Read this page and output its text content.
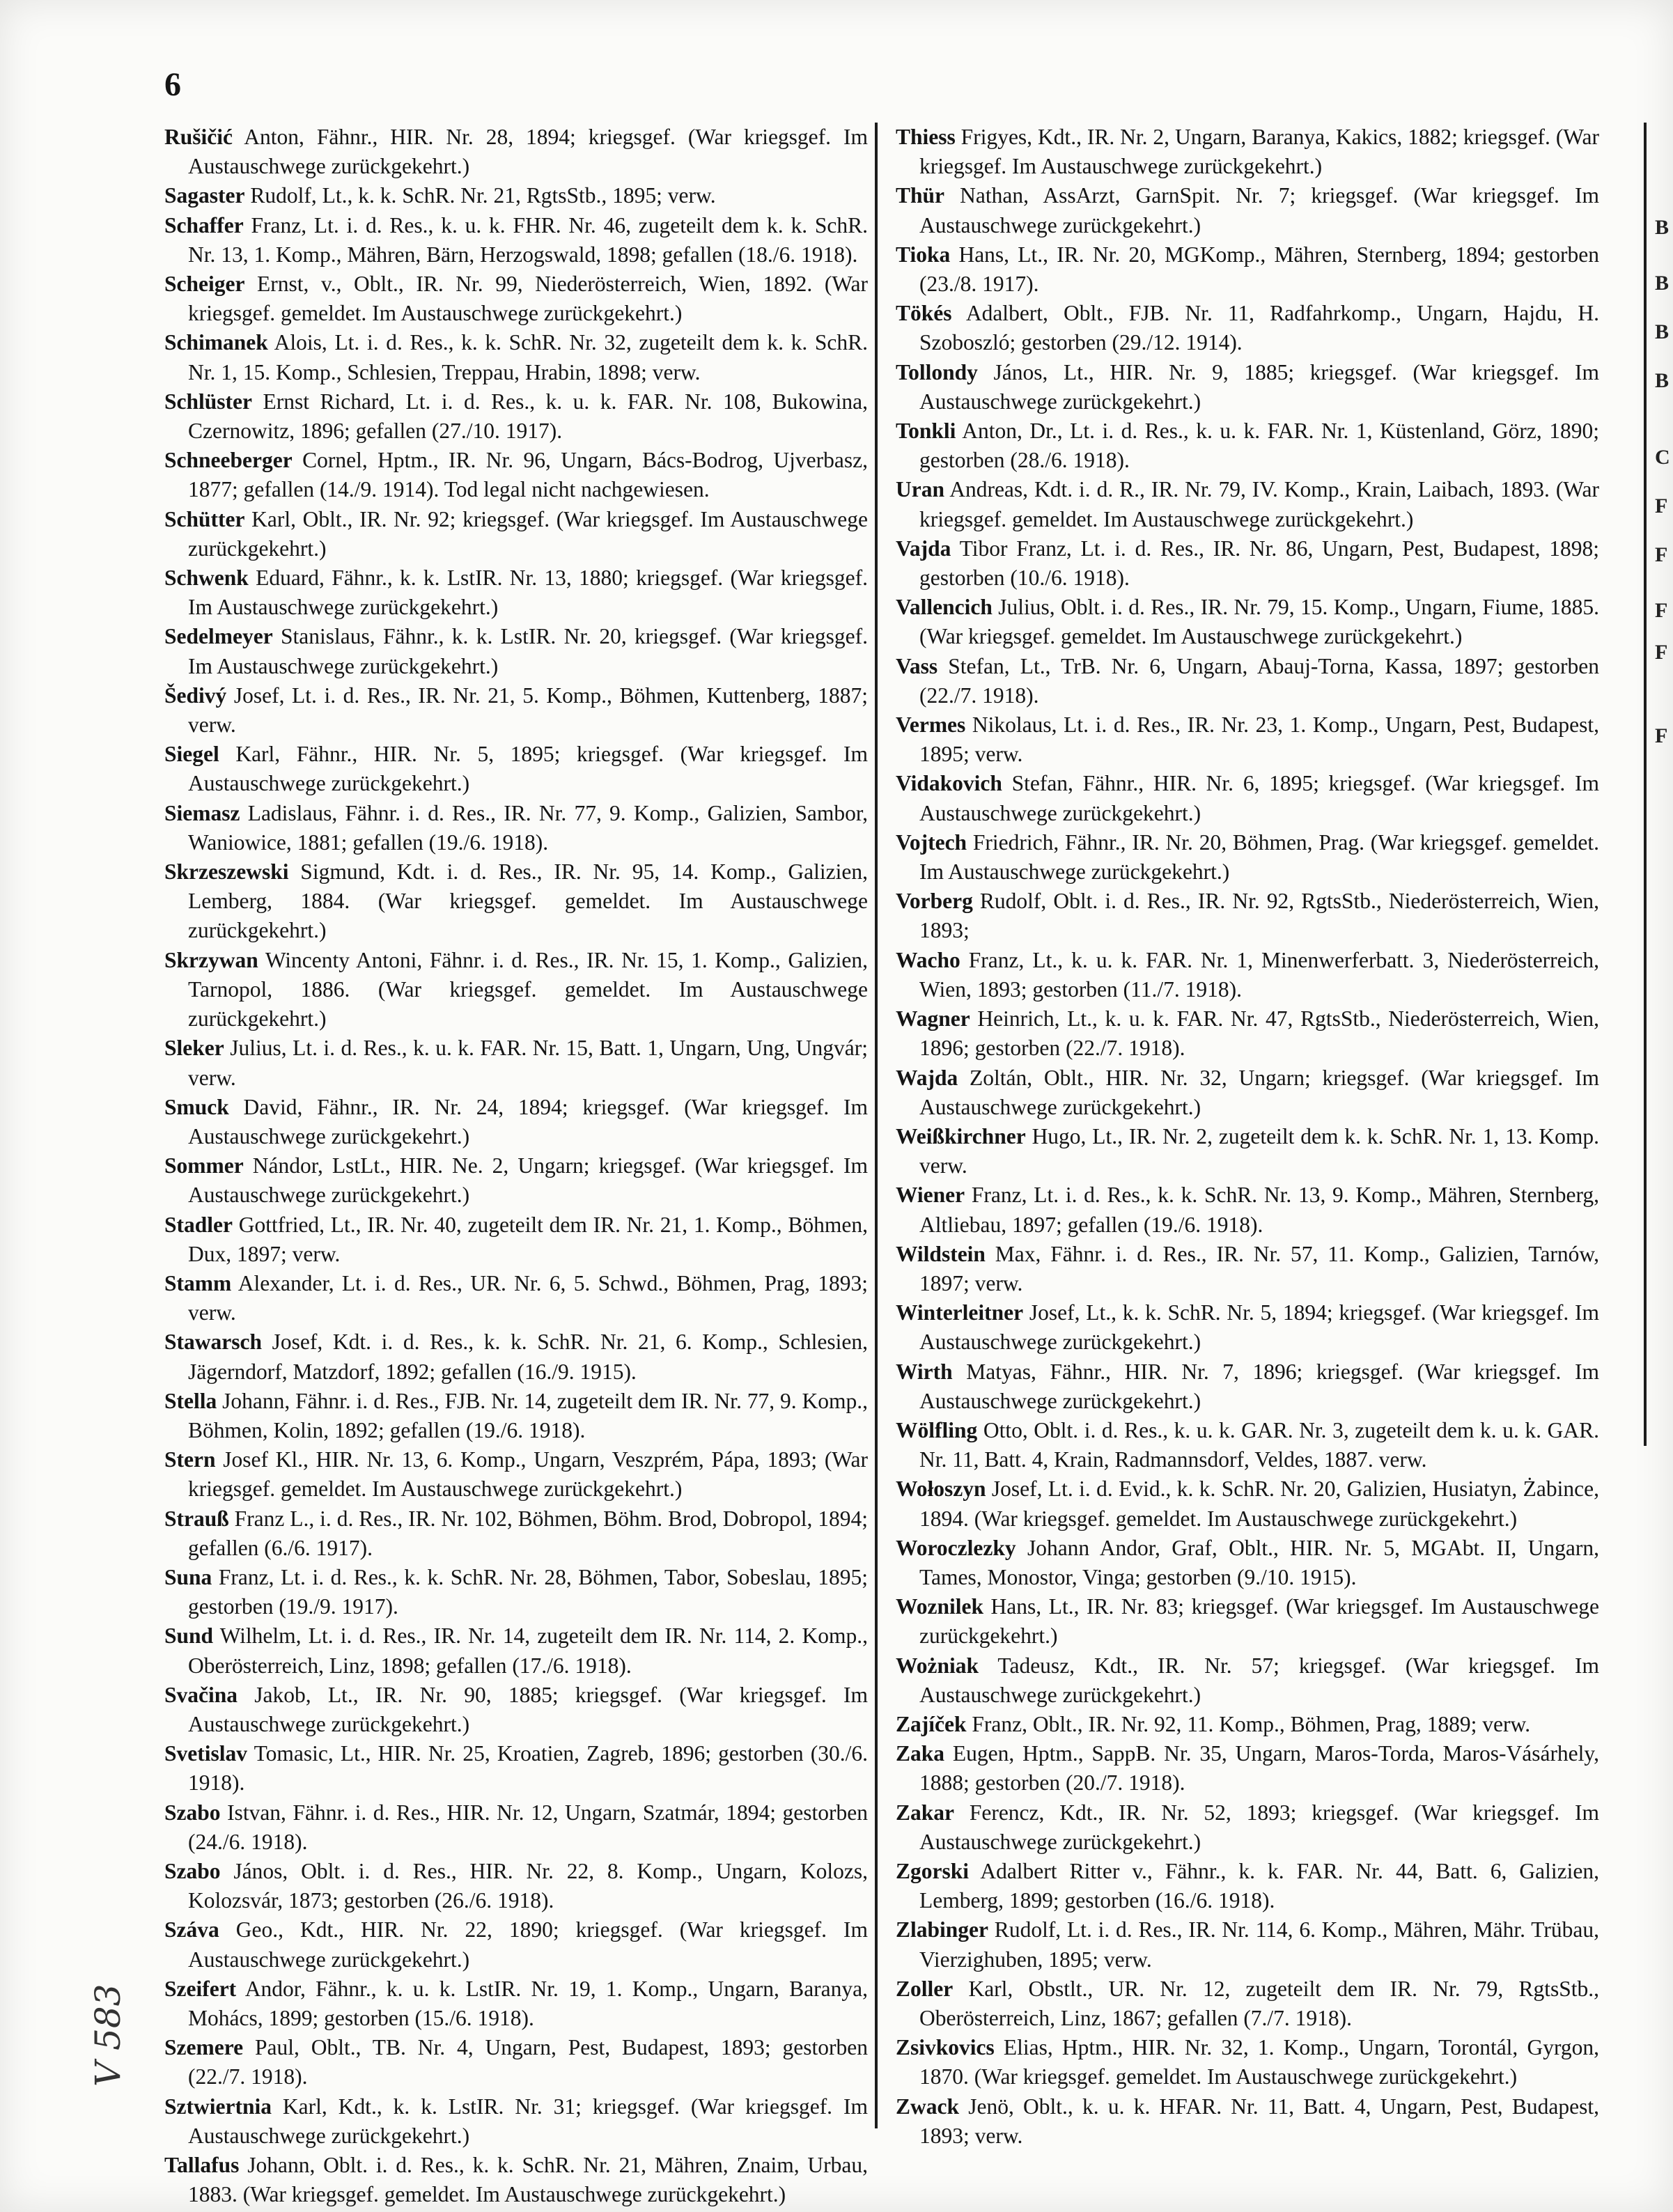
6

Rušičić Anton, Fähnr., HIR. Nr. 28, 1894; kriegsgef. (War kriegsgef. Im Austauschwege zurückgekehrt.)

Sagaster Rudolf, Lt., k. k. SchR. Nr. 21, RgtsStb., 1895; verw.

Schaffer Franz, Lt. i. d. Res., k. u. k. FHR. Nr. 46, zugeteilt dem k. k. SchR. Nr. 13, 1. Komp., Mähren, Bärn, Herzogswald, 1898; gefallen (18./6. 1918).

Scheiger Ernst, v., Oblt., IR. Nr. 99, Niederösterreich, Wien, 1892. (War kriegsgef. gemeldet. Im Austauschwege zurückgekehrt.)

Schimanek Alois, Lt. i. d. Res., k. k. SchR. Nr. 32, zugeteilt dem k. k. SchR. Nr. 1, 15. Komp., Schlesien, Treppau, Hrabin, 1898; verw.

Schlüster Ernst Richard, Lt. i. d. Res., k. u. k. FAR. Nr. 108, Bukowina, Czernowitz, 1896; gefallen (27./10. 1917).

Schneeberger Cornel, Hptm., IR. Nr. 96, Ungarn, Bács-Bodrog, Ujverbasz, 1877; gefallen (14./9. 1914). Tod legal nicht nachgewiesen.

Schütter Karl, Oblt., IR. Nr. 92; kriegsgef. (War kriegsgef. Im Austauschwege zurückgekehrt.)

Schwenk Eduard, Fähnr., k. k. LstIR. Nr. 13, 1880; kriegsgef. (War kriegsgef. Im Austauschwege zurückgekehrt.)

Sedelmeyer Stanislaus, Fähnr., k. k. LstIR. Nr. 20, kriegsgef. (War kriegsgef. Im Austauschwege zurückgekehrt.)

Šedivý Josef, Lt. i. d. Res., IR. Nr. 21, 5. Komp., Böhmen, Kuttenberg, 1887; verw.

Siegel Karl, Fähnr., HIR. Nr. 5, 1895; kriegsgef. (War kriegsgef. Im Austauschwege zurückgekehrt.)

Siemasz Ladislaus, Fähnr. i. d. Res., IR. Nr. 77, 9. Komp., Galizien, Sambor, Waniowice, 1881; gefallen (19./6. 1918).

Skrzeszewski Sigmund, Kdt. i. d. Res., IR. Nr. 95, 14. Komp., Galizien, Lemberg, 1884. (War kriegsgef. gemeldet. Im Austauschwege zurückgekehrt.)

Skrzywan Wincenty Antoni, Fähnr. i. d. Res., IR. Nr. 15, 1. Komp., Galizien, Tarnopol, 1886. (War kriegsgef. gemeldet. Im Austauschwege zurückgekehrt.)

Sleker Julius, Lt. i. d. Res., k. u. k. FAR. Nr. 15, Batt. 1, Ungarn, Ung, Ungvár; verw.

Smuck David, Fähnr., IR. Nr. 24, 1894; kriegsgef. (War kriegsgef. Im Austauschwege zurückgekehrt.)

Sommer Nándor, LstLt., HIR. Ne. 2, Ungarn; kriegsgef. (War kriegsgef. Im Austauschwege zurückgekehrt.)

Stadler Gottfried, Lt., IR. Nr. 40, zugeteilt dem IR. Nr. 21, 1. Komp., Böhmen, Dux, 1897; verw.

Stamm Alexander, Lt. i. d. Res., UR. Nr. 6, 5. Schwd., Böhmen, Prag, 1893; verw.

Stawarsch Josef, Kdt. i. d. Res., k. k. SchR. Nr. 21, 6. Komp., Schlesien, Jägerndorf, Matzdorf, 1892; gefallen (16./9. 1915).

Stella Johann, Fähnr. i. d. Res., FJB. Nr. 14, zugeteilt dem IR. Nr. 77, 9. Komp., Böhmen, Kolin, 1892; gefallen (19./6. 1918).

Stern Josef Kl., HIR. Nr. 13, 6. Komp., Ungarn, Veszprém, Pápa, 1893; (War kriegsgef. gemeldet. Im Austauschwege zurückgekehrt.)

Strauß Franz L., i. d. Res., IR. Nr. 102, Böhmen, Böhm. Brod, Dobropol, 1894; gefallen (6./6. 1917).

Suna Franz, Lt. i. d. Res., k. k. SchR. Nr. 28, Böhmen, Tabor, Sobeslau, 1895; gestorben (19./9. 1917).

Sund Wilhelm, Lt. i. d. Res., IR. Nr. 14, zugeteilt dem IR. Nr. 114, 2. Komp., Oberösterreich, Linz, 1898; gefallen (17./6. 1918).

Svačina Jakob, Lt., IR. Nr. 90, 1885; kriegsgef. (War kriegsgef. Im Austauschwege zurückgekehrt.)

Svetislav Tomasic, Lt., HIR. Nr. 25, Kroatien, Zagreb, 1896; gestorben (30./6. 1918).

Szabo Istvan, Fähnr. i. d. Res., HIR. Nr. 12, Ungarn, Szatmár, 1894; gestorben (24./6. 1918).

Szabo János, Oblt. i. d. Res., HIR. Nr. 22, 8. Komp., Ungarn, Kolozs, Kolozsvár, 1873; gestorben (26./6. 1918).

Száva Geo., Kdt., HIR. Nr. 22, 1890; kriegsgef. (War kriegsgef. Im Austauschwege zurückgekehrt.)

Szeifert Andor, Fähnr., k. u. k. LstIR. Nr. 19, 1. Komp., Ungarn, Baranya, Mohács, 1899; gestorben (15./6. 1918).

Szemere Paul, Oblt., TB. Nr. 4, Ungarn, Pest, Budapest, 1893; gestorben (22./7. 1918).

Sztwiertnia Karl, Kdt., k. k. LstIR. Nr. 31; kriegsgef. (War kriegsgef. Im Austauschwege zurückgekehrt.)

Tallafus Johann, Oblt. i. d. Res., k. k. SchR. Nr. 21, Mähren, Znaim, Urbau, 1883. (War kriegsgef. gemeldet. Im Austauschwege zurückgekehrt.)

Thiess Frigyes, Kdt., IR. Nr. 2, Ungarn, Baranya, Kakics, 1882; kriegsgef. (War kriegsgef. Im Austauschwege zurückgekehrt.)

Thür Nathan, AssArzt, GarnSpit. Nr. 7; kriegsgef. (War kriegsgef. Im Austauschwege zurückgekehrt.)

Tioka Hans, Lt., IR. Nr. 20, MGKomp., Mähren, Sternberg, 1894; gestorben (23./8. 1917).

Tökés Adalbert, Oblt., FJB. Nr. 11, Radfahrkomp., Ungarn, Hajdu, H. Szoboszló; gestorben (29./12. 1914).

Tollondy János, Lt., HIR. Nr. 9, 1885; kriegsgef. (War kriegsgef. Im Austauschwege zurückgekehrt.)

Tonkli Anton, Dr., Lt. i. d. Res., k. u. k. FAR. Nr. 1, Küstenland, Görz, 1890; gestorben (28./6. 1918).

Uran Andreas, Kdt. i. d. R., IR. Nr. 79, IV. Komp., Krain, Laibach, 1893. (War kriegsgef. gemeldet. Im Austauschwege zurückgekehrt.)

Vajda Tibor Franz, Lt. i. d. Res., IR. Nr. 86, Ungarn, Pest, Budapest, 1898; gestorben (10./6. 1918).

Vallencich Julius, Oblt. i. d. Res., IR. Nr. 79, 15. Komp., Ungarn, Fiume, 1885. (War kriegsgef. gemeldet. Im Austauschwege zurückgekehrt.)

Vass Stefan, Lt., TrB. Nr. 6, Ungarn, Abauj-Torna, Kassa, 1897; gestorben (22./7. 1918).

Vermes Nikolaus, Lt. i. d. Res., IR. Nr. 23, 1. Komp., Ungarn, Pest, Budapest, 1895; verw.

Vidakovich Stefan, Fähnr., HIR. Nr. 6, 1895; kriegsgef. (War kriegsgef. Im Austauschwege zurückgekehrt.)

Vojtech Friedrich, Fähnr., IR. Nr. 20, Böhmen, Prag. (War kriegsgef. gemeldet. Im Austauschwege zurückgekehrt.)

Vorberg Rudolf, Oblt. i. d. Res., IR. Nr. 92, RgtsStb., Niederösterreich, Wien, 1893;

Wacho Franz, Lt., k. u. k. FAR. Nr. 1, Minenwerferbatt. 3, Niederösterreich, Wien, 1893; gestorben (11./7. 1918).

Wagner Heinrich, Lt., k. u. k. FAR. Nr. 47, RgtsStb., Niederösterreich, Wien, 1896; gestorben (22./7. 1918).

Wajda Zoltán, Oblt., HIR. Nr. 32, Ungarn; kriegsgef. (War kriegsgef. Im Austauschwege zurückgekehrt.)

Weißkirchner Hugo, Lt., IR. Nr. 2, zugeteilt dem k. k. SchR. Nr. 1, 13. Komp. verw.

Wiener Franz, Lt. i. d. Res., k. k. SchR. Nr. 13, 9. Komp., Mähren, Sternberg, Altliebau, 1897; gefallen (19./6. 1918).

Wildstein Max, Fähnr. i. d. Res., IR. Nr. 57, 11. Komp., Galizien, Tarnów, 1897; verw.

Winterleitner Josef, Lt., k. k. SchR. Nr. 5, 1894; kriegsgef. (War kriegsgef. Im Austauschwege zurückgekehrt.)

Wirth Matyas, Fähnr., HIR. Nr. 7, 1896; kriegsgef. (War kriegsgef. Im Austauschwege zurückgekehrt.)

Wölfling Otto, Oblt. i. d. Res., k. u. k. GAR. Nr. 3, zugeteilt dem k. u. k. GAR. Nr. 11, Batt. 4, Krain, Radmannsdorf, Veldes, 1887. verw.

Wołoszyn Josef, Lt. i. d. Evid., k. k. SchR. Nr. 20, Galizien, Husiatyn, Żabince, 1894. (War kriegsgef. gemeldet. Im Austauschwege zurückgekehrt.)

Woroczlezky Johann Andor, Graf, Oblt., HIR. Nr. 5, MGAbt. II, Ungarn, Tames, Monostor, Vinga; gestorben (9./10. 1915).

Woznilek Hans, Lt., IR. Nr. 83; kriegsgef. (War kriegsgef. Im Austauschwege zurückgekehrt.)

Wożniak Tadeusz, Kdt., IR. Nr. 57; kriegsgef. (War kriegsgef. Im Austauschwege zurückgekehrt.)

Zajíček Franz, Oblt., IR. Nr. 92, 11. Komp., Böhmen, Prag, 1889; verw.

Zaka Eugen, Hptm., SappB. Nr. 35, Ungarn, Maros-Torda, Maros-Vásárhely, 1888; gestorben (20./7. 1918).

Zakar Ferencz, Kdt., IR. Nr. 52, 1893; kriegsgef. (War kriegsgef. Im Austauschwege zurückgekehrt.)

Zgorski Adalbert Ritter v., Fähnr., k. k. FAR. Nr. 44, Batt. 6, Galizien, Lemberg, 1899; gestorben (16./6. 1918).

Zlabinger Rudolf, Lt. i. d. Res., IR. Nr. 114, 6. Komp., Mähren, Mähr. Trübau, Vierzighuben, 1895; verw.

Zoller Karl, Obstlt., UR. Nr. 12, zugeteilt dem IR. Nr. 79, RgtsStb., Oberösterreich, Linz, 1867; gefallen (7./7. 1918).

Zsivkovics Elias, Hptm., HIR. Nr. 32, 1. Komp., Ungarn, Torontál, Gyrgon, 1870. (War kriegsgef. gemeldet. Im Austauschwege zurückgekehrt.)

Zwack Jenö, Oblt., k. u. k. HFAR. Nr. 11, Batt. 4, Ungarn, Pest, Budapest, 1893; verw.

V 583
B
B
B
B
C
F
F
F
F
F
